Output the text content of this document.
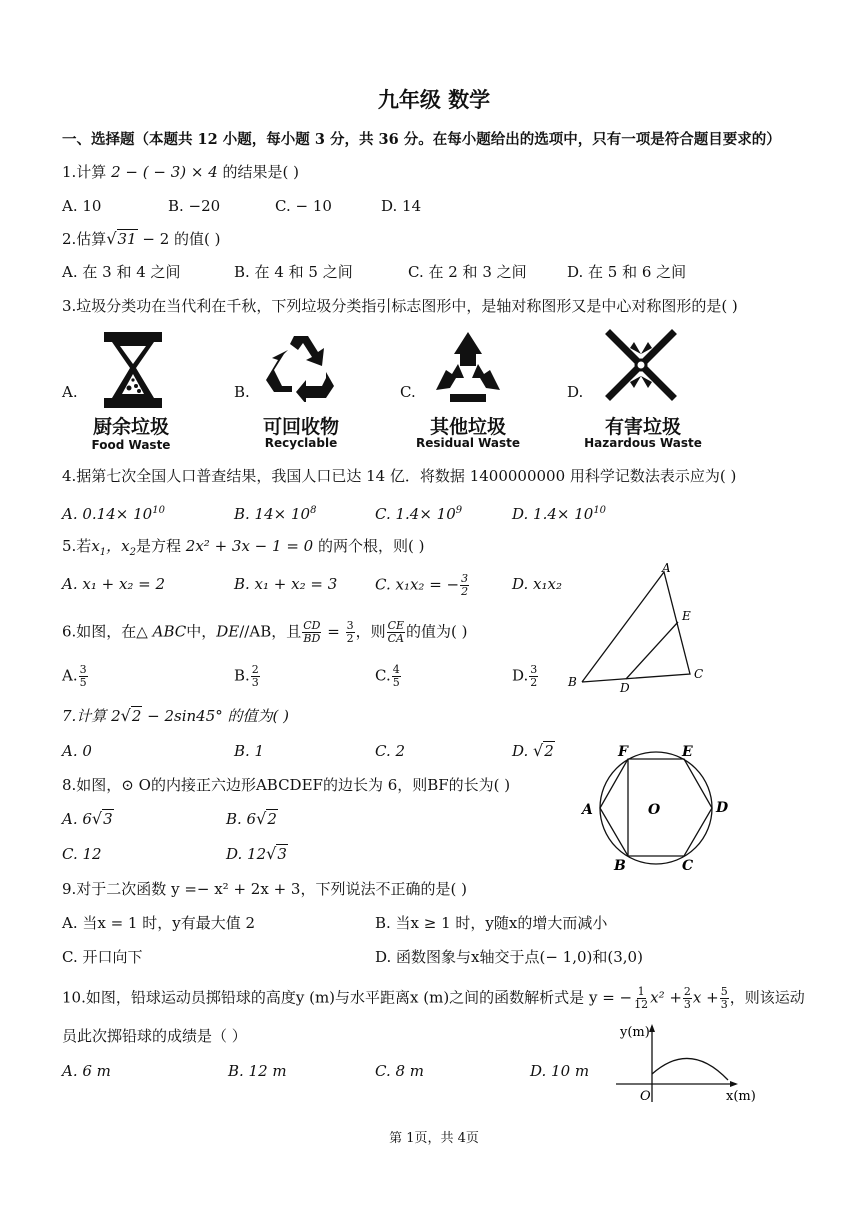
九年级 数学
一、选择题（本题共 12 小题，每小题 3 分，共 36 分。在每小题给出的选项中，只有一项是符合题目要求的）
1.计算 2 − ( − 3) × 4 的结果是( )
A. 10	B. −20	C. − 10	D. 14
2.估算√31 − 2 的值( )
A. 在 3 和 4 之间	B. 在 4 和 5 之间	C. 在 2 和 3 之间	D. 在 5 和 6 之间
3.垃圾分类功在当代利在千秋，下列垃圾分类指引标志图形中，是轴对称图形又是中心对称图形的是( )
A.
厨余垃圾
Food Waste
B.
可回收物
Recyclable
C.
其他垃圾
Residual Waste
D.
有害垃圾
Hazardous Waste
4.据第七次全国人口普查结果，我国人口已达 14 亿．将数据 1400000000 用科学记数法表示应为( )
A. $0.14\times 10^{10}$	B. $14\times 10^8$	C. $1.4\times 10^9$	D. $1.4\times 10^{10}$
5.若$x_1$，$x_2$是方程 2x² + 3x − 1 = 0 的两个根，则( )
A. x₁ + x₂ = 2	B. x₁ + x₂ = 3	C. x₁x₂ = − $\frac{3}{2}$	D. x₁x₂
6.如图，在△ ABC中，DE//AB，且 $\frac{CD}{BD} = \frac{3}{2}$ ，则 $\frac{CE}{CA}$ 的值为( )
A. $\frac{3}{5}$	B. $\frac{2}{3}$	C. $\frac{4}{5}$	D. $\frac{3}{2}$
A
B
C
D
E
7.计算 2√2 − 2sin45° 的值为( )
A. 0	B. 1	C. 2	D. √2
8.如图，⊙ O的内接正六边形ABCDEF的边长为 6，则BF的长为( )
A. 6√3	B. 6√2
C. 12	D. 12√3
A
B	C
D
E
F
O
9.对于二次函数 y =− x² + 2x + 3，下列说法不正确的是( )
A. 当x = 1 时，y有最大值 2	B. 当x ≥ 1 时，y随x的增大而减小
C. 开口向下	D. 函数图象与x轴交于点(− 1,0)和(3,0)
10.如图，铅球运动员掷铅球的高度y (m)与水平距离x (m)之间的函数解析式是 y = − $\frac{1}{12} x^2 + \frac{2}{3}$ $x + \frac{5}{3}$ ，则该运动
员此次掷铅球的成绩是（ ）
A. 6 m	B. 12 m	C. 8 m	D. 10 m
y(m)
x(m)
O
第 1页，共 4页
